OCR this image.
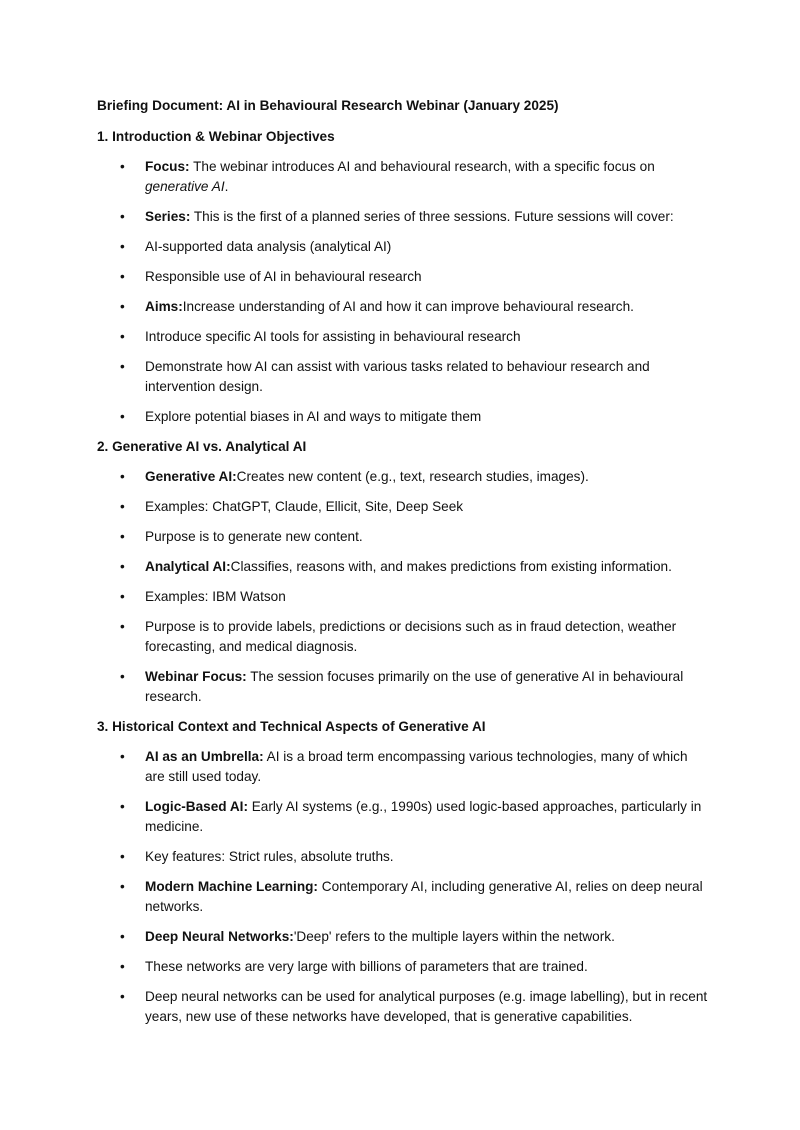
Briefing Document: AI in Behavioural Research Webinar (January 2025)
1. Introduction & Webinar Objectives
• Focus: The webinar introduces AI and behavioural research, with a specific focus on generative AI.
• Series: This is the first of a planned series of three sessions. Future sessions will cover:
• AI-supported data analysis (analytical AI)
• Responsible use of AI in behavioural research
• Aims:Increase understanding of AI and how it can improve behavioural research.
• Introduce specific AI tools for assisting in behavioural research
• Demonstrate how AI can assist with various tasks related to behaviour research and intervention design.
• Explore potential biases in AI and ways to mitigate them
2. Generative AI vs. Analytical AI
• Generative AI:Creates new content (e.g., text, research studies, images).
• Examples: ChatGPT, Claude, Ellicit, Site, Deep Seek
• Purpose is to generate new content.
• Analytical AI:Classifies, reasons with, and makes predictions from existing information.
• Examples: IBM Watson
• Purpose is to provide labels, predictions or decisions such as in fraud detection, weather forecasting, and medical diagnosis.
• Webinar Focus: The session focuses primarily on the use of generative AI in behavioural research.
3. Historical Context and Technical Aspects of Generative AI
• AI as an Umbrella: AI is a broad term encompassing various technologies, many of which are still used today.
• Logic-Based AI: Early AI systems (e.g., 1990s) used logic-based approaches, particularly in medicine.
• Key features: Strict rules, absolute truths.
• Modern Machine Learning: Contemporary AI, including generative AI, relies on deep neural networks.
• Deep Neural Networks:'Deep' refers to the multiple layers within the network.
• These networks are very large with billions of parameters that are trained.
• Deep neural networks can be used for analytical purposes (e.g. image labelling), but in recent years, new use of these networks have developed, that is generative capabilities.
